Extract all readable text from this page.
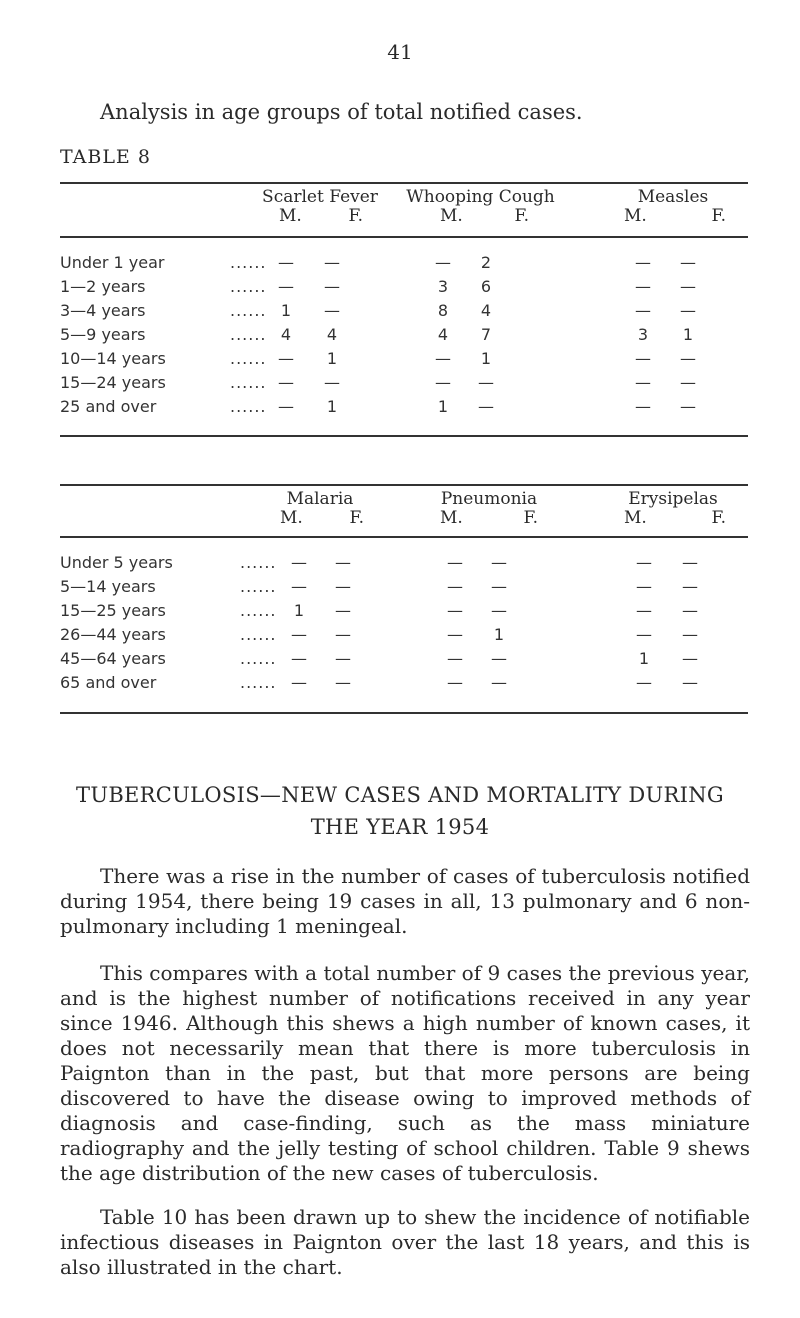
41
Analysis in age groups of total notified cases.
TABLE 8
Scarlet Fever
M.	F.
Whooping Cough
M.	F.
Measles
M.	F.
Under 1 year	...... —	—	—	2	—	—
1—2 years	...... —	—	3	6	—	—
3—4 years	...... 1	—	8	4	—	—
5—9 years	...... 4	4	4	7	3	1
10—14 years	...... —	1	—	1	—	—
15—24 years	...... —	—	—	—	—	—
25 and over	...... —	1	1	—	—	—
Malaria
M.	F.
Pneumonia
M.	F.
Erysipelas
M.	F.
Under 5 years	...... —	—	—	—	—	—
5—14 years	...... —	—	—	—	—	—
15—25 years	......	1	—	—	—	—	—
26—44 years	...... —	—	—	1	—	—
45—64 years	...... —	—	—	—	1	—
65 and over	...... —	—	—	—	—	—
TUBERCULOSIS—NEW CASES AND MORTALITY DURING
THE YEAR 1954
There was a rise in the number of cases of tuberculosis notified during 1954, there being 19 cases in all, 13 pulmonary and 6 non-pulmonary including 1 meningeal.
This compares with a total number of 9 cases the previous year, and is the highest number of notifications received in any year since 1946. Although this shews a high number of known cases, it does not necessarily mean that there is more tuberculosis in Paignton than in the past, but that more persons are being discovered to have the disease owing to improved methods of diagnosis and case-finding, such as the mass miniature radiography and the jelly testing of school children. Table 9 shews the age distribution of the new cases of tuberculosis.
Table 10 has been drawn up to shew the incidence of notifiable infectious diseases in Paignton over the last 18 years, and this is also illustrated in the chart.
